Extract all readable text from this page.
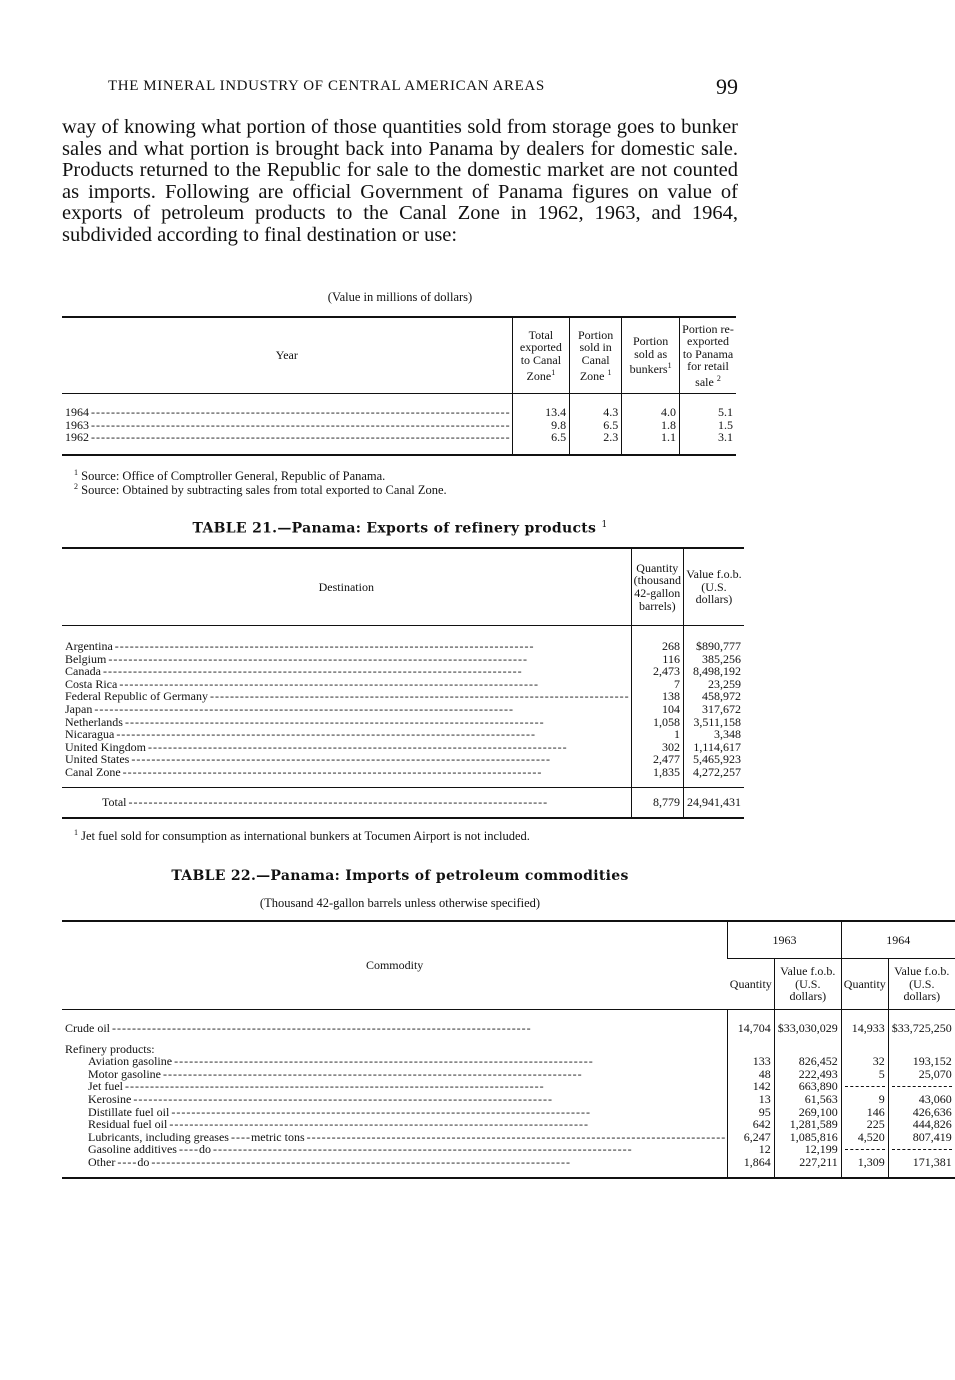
THE MINERAL INDUSTRY OF CENTRAL AMERICAN AREAS	99

way of knowing what portion of those quantities sold from storage goes to bunker sales and what portion is brought back into Panama by dealers for domestic sale. Products returned to the Republic for sale to the domestic market are not counted as imports. Following are official Government of Panama figures on value of exports of petroleum products to the Canal Zone in 1962, 1963, and 1964, subdivided according to final destination or use:

(Value in millions of dollars)
Year	Total exported to Canal Zone$^1$	Portion sold in Canal Zone $^1$	Portion sold as bunkers$^1$	Portion re-exported to Panama for retail sale $^2$
1964 - - -	13.4	4.3	4.0	5.1
1963 - - -	9.8	6.5	1.8	1.5
1962 - - -	6.5	2.3	1.1	3.1
$^1$ Source: Office of Comptroller General, Republic of Panama.
$^2$ Source: Obtained by subtracting sales from total exported to Canal Zone.
TABLE 21.—Panama: Exports of refinery products $^1$
Destination	Quantity (thousand 42-gallon barrels)	Value f.o.b. (U.S. dollars)
Argentina - - -	268	$890,777
Belgium - - -	116	385,256
Canada - - -	2,473	8,498,192
Costa Rica - - -	7	23,259
Federal Republic of Germany - - -	138	458,972
Japan - - -	104	317,672
Netherlands - - -	1,058	3,511,158
Nicaragua - - -	1	3,348
United Kingdom - - -	302	1,114,617
United States - - -	2,477	5,465,923
Canal Zone - - -	1,835	4,272,257
Total - - -	8,779	24,941,431
$^1$ Jet fuel sold for consumption as international bunkers at Tocumen Airport is not included.
TABLE 22.—Panama: Imports of petroleum commodities
(Thousand 42-gallon barrels unless otherwise specified)
Commodity	1963		1964	
	Quantity	Value f.o.b. (U.S. dollars)	Quantity	Value f.o.b. (U.S. dollars)
Crude oil - - -	14,704	$33,030,029	14,933	$33,725,250
Refinery products:				
Aviation gasoline - - -	133	826,452	32	193,152
Motor gasoline - - -	48	222,493	5	25,070
Jet fuel - - -	142	663,890	

Kerosine - - -	13	61,563	9	43,060
Distillate fuel oil - - -	95	269,100	146	426,636
Residual fuel oil - - -	642	1,281,589	225	444,826
Lubricants, including greases - - - - metric tons - - -	6,247	1,085,816	4,520	807,419
Gasoline additives - - - - do - - -	12	12,199	

Other - - - - do - - -	1,864	227,211	1,309	171,381
